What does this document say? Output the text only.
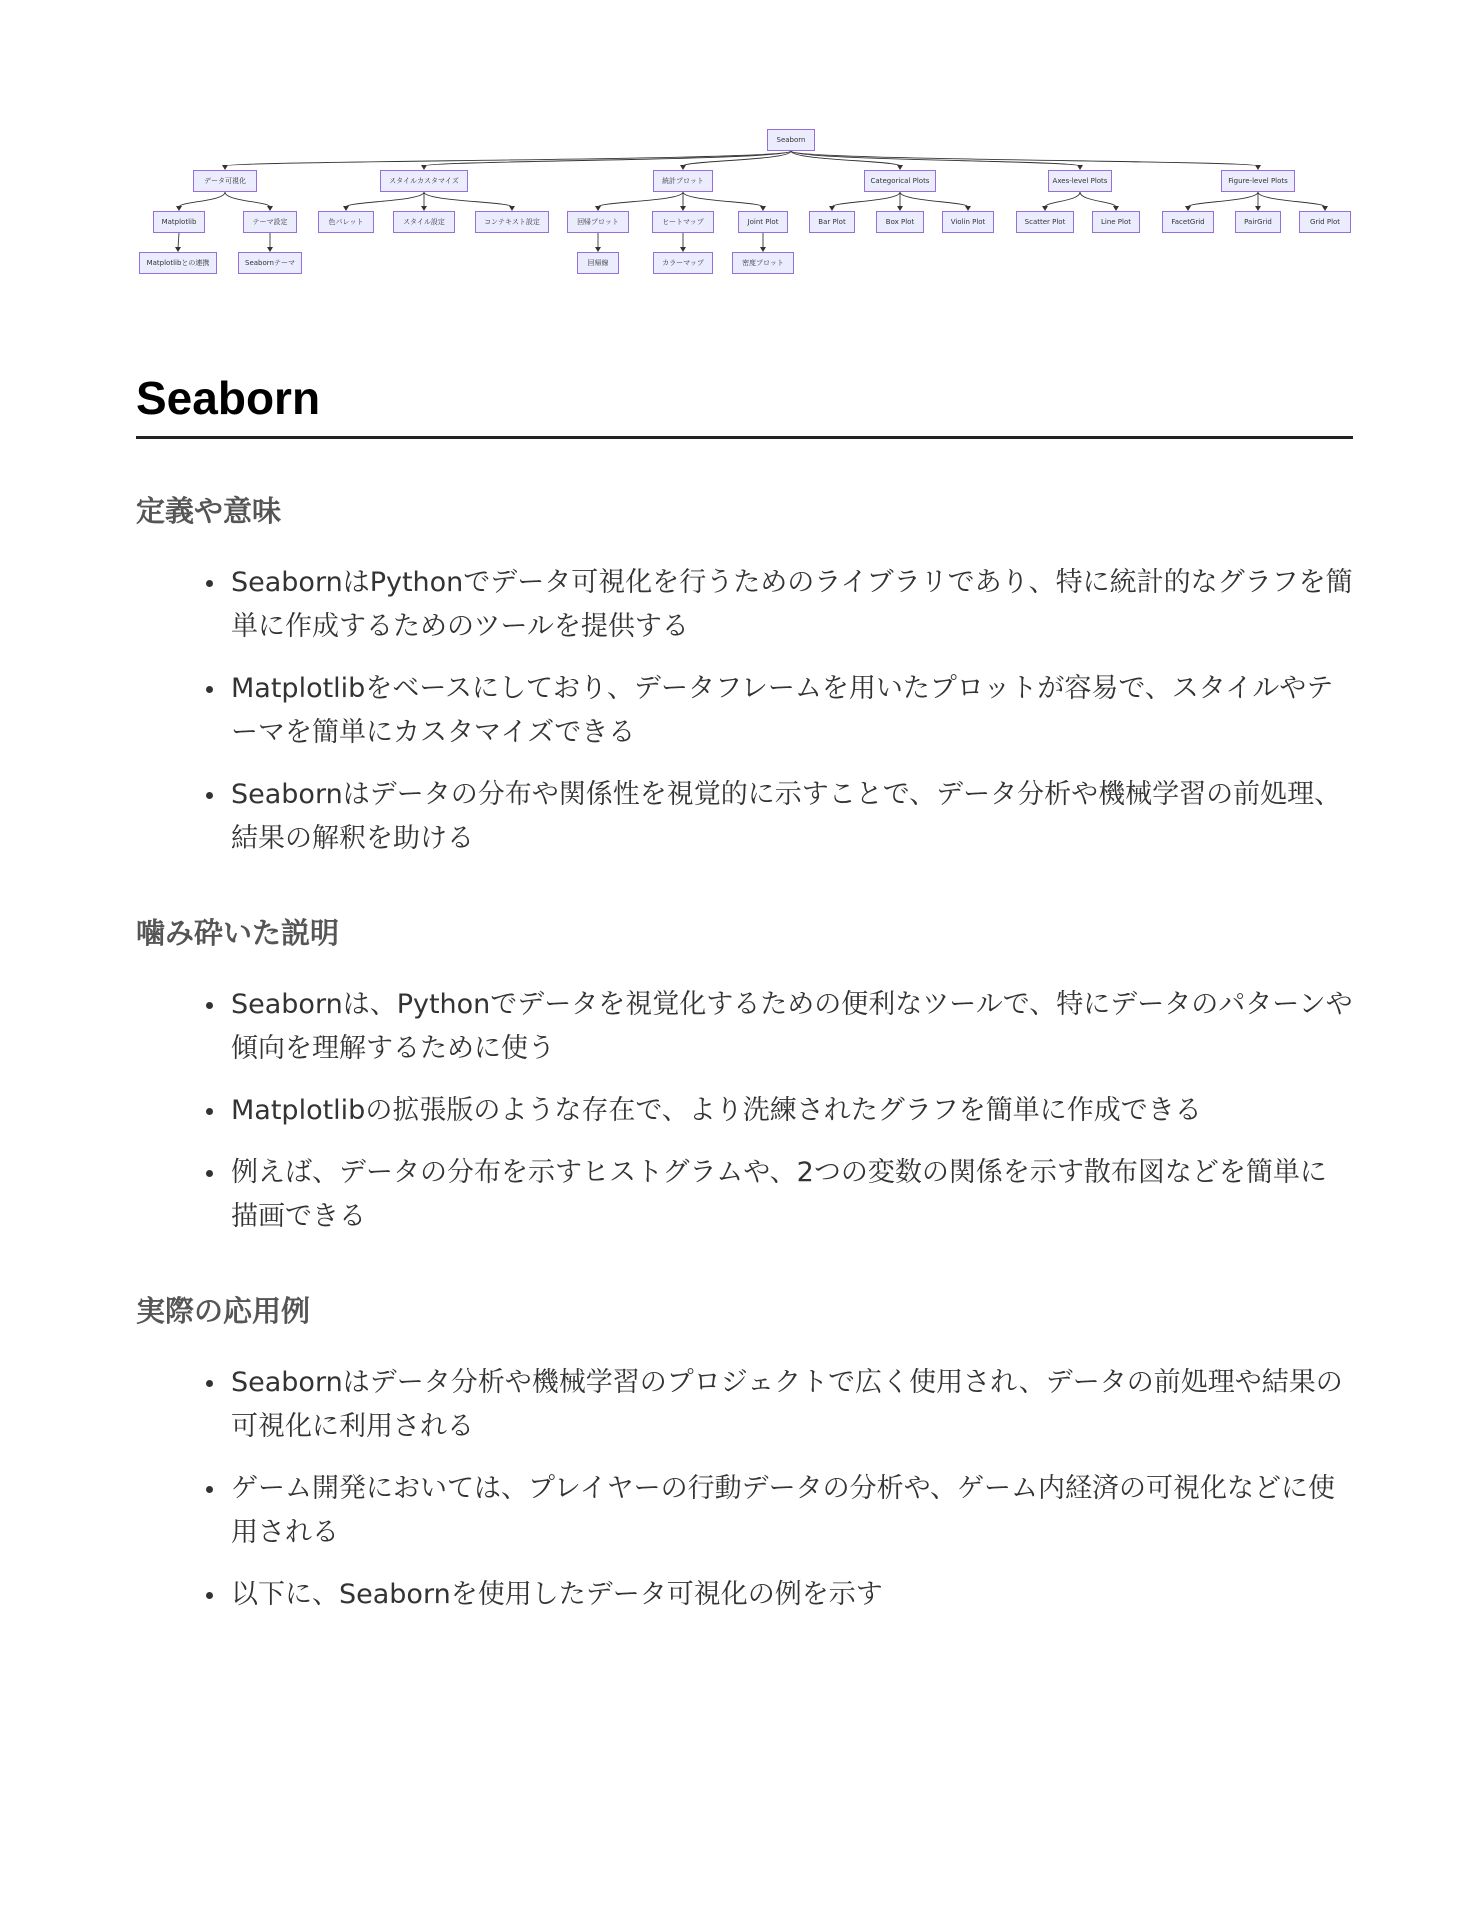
Seaborn
データ可視化
Matplotlib
Matplotlibとの連携
テーマ設定
Seabornテーマ
スタイルカスタマイズ
色パレット	スタイル設定	コンテキスト設定
統計プロット
回帰プロット
回帰線
ヒートマップ
カラーマップ
Joint Plot
密度プロット
Categorical Plots
Bar Plot	Box Plot	Violin Plot
Axes-level Plots
Scatter Plot	Line Plot
Figure-level Plots
FacetGrid	PairGrid	Grid Plot
Seaborn
定義や意味
SeabornはPythonでデータ可視化を行うためのライブラリであり、特に統計的なグラフを簡単に作成するためのツールを提供する
Matplotlibをベースにしており、データフレームを用いたプロットが容易で、スタイルやテーマを簡単にカスタマイズできる
Seabornはデータの分布や関係性を視覚的に示すことで、データ分析や機械学習の前処理、結果の解釈を助ける
噛み砕いた説明
Seabornは、Pythonでデータを視覚化するための便利なツールで、特にデータのパターンや傾向を理解するために使う
Matplotlibの拡張版のような存在で、より洗練されたグラフを簡単に作成できる
例えば、データの分布を示すヒストグラムや、2つの変数の関係を示す散布図などを簡単に描画できる
実際の応用例
Seabornはデータ分析や機械学習のプロジェクトで広く使用され、データの前処理や結果の可視化に利用される
ゲーム開発においては、プレイヤーの行動データの分析や、ゲーム内経済の可視化などに使用される
以下に、Seabornを使用したデータ可視化の例を示す
